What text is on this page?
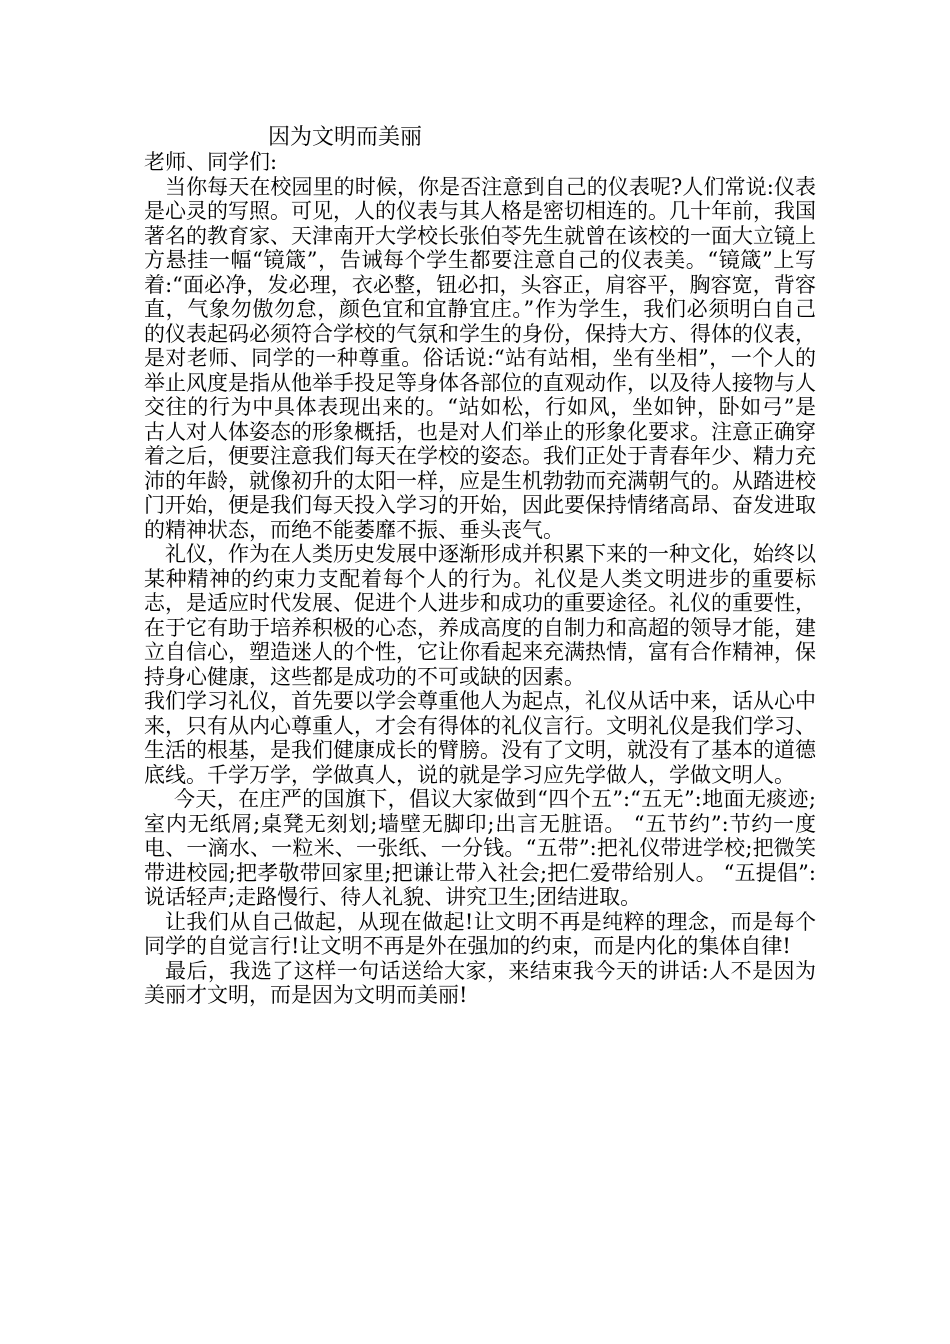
因为文明而美丽

老师、同学们:

当你每天在校园里的时候，你是否注意到自己的仪表呢?人们常说:仪表是心灵的写照。可见，人的仪表与其人格是密切相连的。几十年前，我国著名的教育家、天津南开大学校长张伯苓先生就曾在该校的一面大立镜上方悬挂一幅“镜箴”，告诫每个学生都要注意自己的仪表美。“镜箴”上写着:“面必净，发必理，衣必整，钮必扣，头容正，肩容平，胸容宽，背容直，气象勿傲勿怠，颜色宜和宜静宜庄。”作为学生，我们必须明白自己的仪表起码必须符合学校的气氛和学生的身份，保持大方、得体的仪表，是对老师、同学的一种尊重。俗话说:“站有站相，坐有坐相”，一个人的举止风度是指从他举手投足等身体各部位的直观动作，以及待人接物与人交往的行为中具体表现出来的。“站如松，行如风，坐如钟，卧如弓”是古人对人体姿态的形象概括，也是对人们举止的形象化要求。注意正确穿着之后，便要注意我们每天在学校的姿态。我们正处于青春年少、精力充沛的年龄，就像初升的太阳一样，应是生机勃勃而充满朝气的。从踏进校门开始，便是我们每天投入学习的开始，因此要保持情绪高昂、奋发进取的精神状态，而绝不能萎靡不振、垂头丧气。

礼仪，作为在人类历史发展中逐渐形成并积累下来的一种文化，始终以某种精神的约束力支配着每个人的行为。礼仪是人类文明进步的重要标志，是适应时代发展、促进个人进步和成功的重要途径。礼仪的重要性，在于它有助于培养积极的心态，养成高度的自制力和高超的领导才能，建立自信心，塑造迷人的个性，它让你看起来充满热情，富有合作精神，保持身心健康，这些都是成功的不可或缺的因素。

我们学习礼仪，首先要以学会尊重他人为起点，礼仪从话中来，话从心中来，只有从内心尊重人，才会有得体的礼仪言行。文明礼仪是我们学习、生活的根基，是我们健康成长的臂膀。没有了文明，就没有了基本的道德底线。千学万学，学做真人，说的就是学习应先学做人，学做文明人。

今天，在庄严的国旗下，倡议大家做到“四个五”:“五无”:地面无痰迹;室内无纸屑;桌凳无刻划;墙壁无脚印;出言无脏语。 “五节约”:节约一度电、一滴水、一粒米、一张纸、一分钱。“五带”:把礼仪带进学校;把微笑带进校园;把孝敬带回家里;把谦让带入社会;把仁爱带给别人。 “五提倡”:说话轻声;走路慢行、待人礼貌、讲究卫生;团结进取。

让我们从自己做起，从现在做起!让文明不再是纯粹的理念，而是每个同学的自觉言行!让文明不再是外在强加的约束，而是内化的集体自律!

最后，我选了这样一句话送给大家，来结束我今天的讲话:人不是因为美丽才文明，而是因为文明而美丽!
